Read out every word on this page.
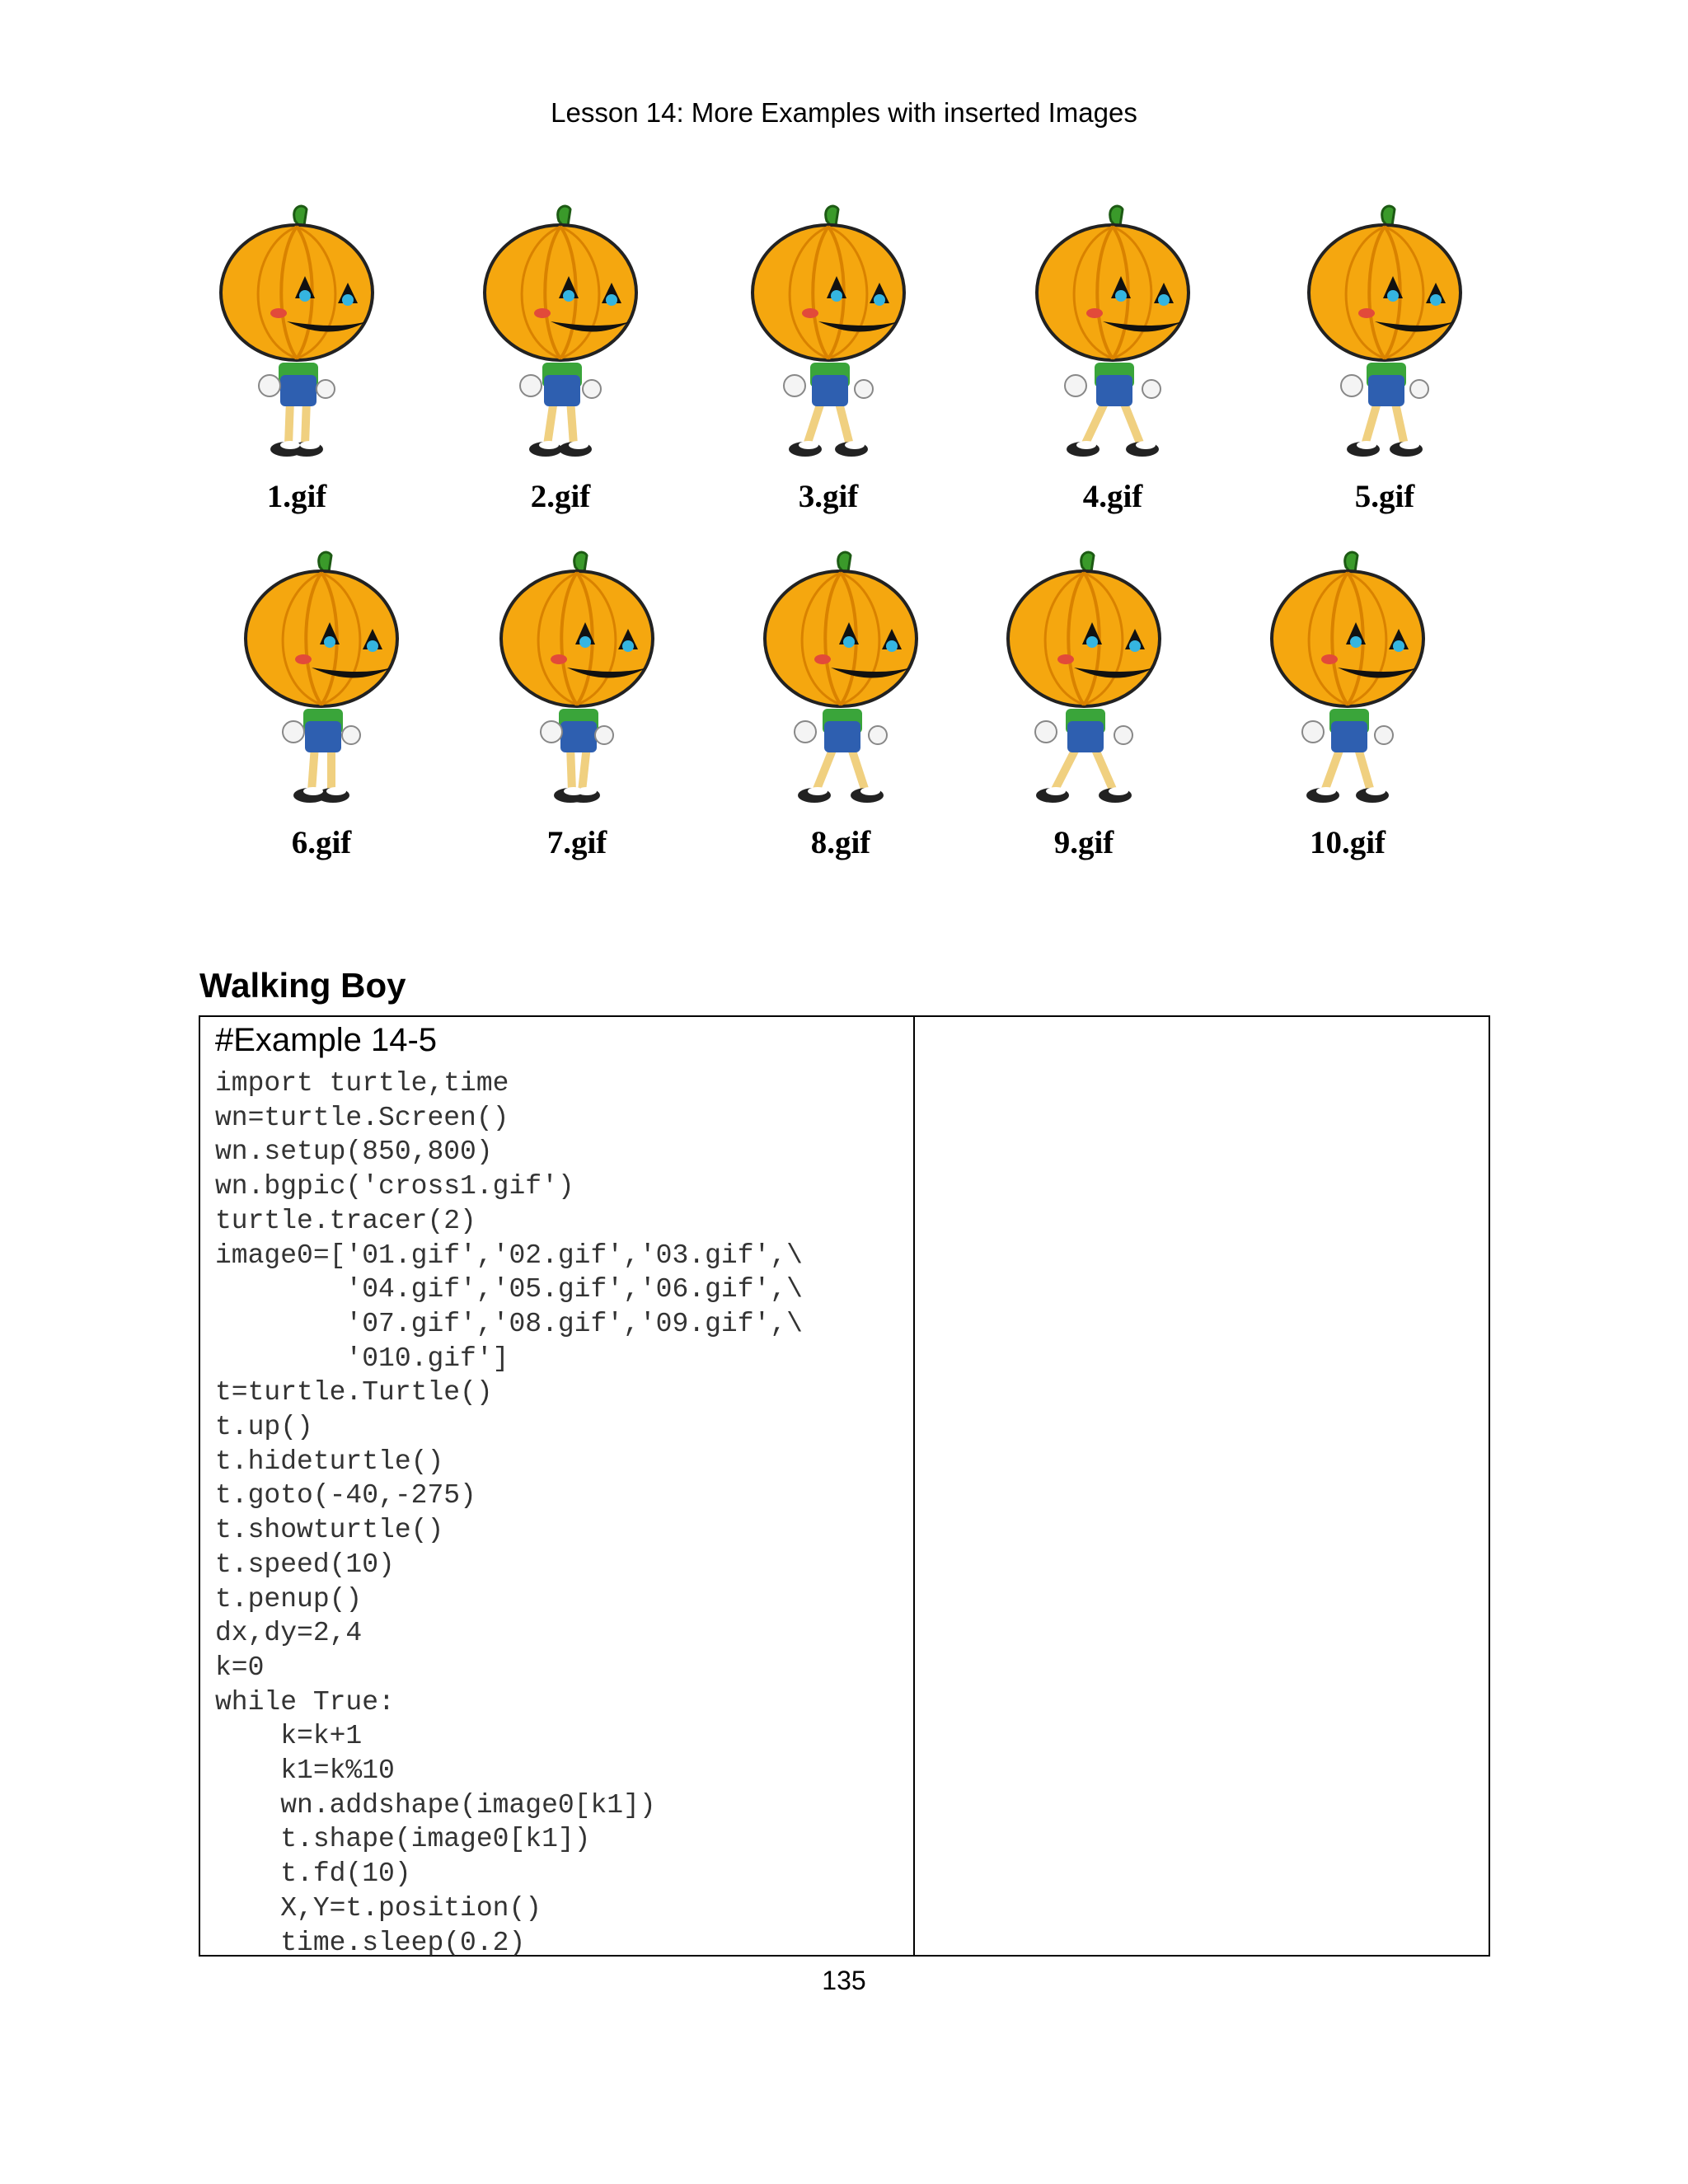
Lesson 14: More Examples with inserted Images
1.gif	2.gif	3.gif	4.gif	5.gif
6.gif	7.gif	8.gif	9.gif	10.gif
Walking Boy
#Example 14-5
import turtle,time
wn=turtle.Screen()
wn.setup(850,800)
wn.bgpic('cross1.gif')
turtle.tracer(2)
image0=['01.gif','02.gif','03.gif',\
'04.gif','05.gif','06.gif',\
'07.gif','08.gif','09.gif',\
'010.gif']
t=turtle.Turtle()
t.up()
t.hideturtle()
t.goto(-40,-275)
t.showturtle()
t.speed(10)
t.penup()
dx,dy=2,4
k=0
while True:
k=k+1
k1=k%10
wn.addshape(image0[k1])
t.shape(image0[k1])
t.fd(10)
X,Y=t.position()
time.sleep(0.2)
135
